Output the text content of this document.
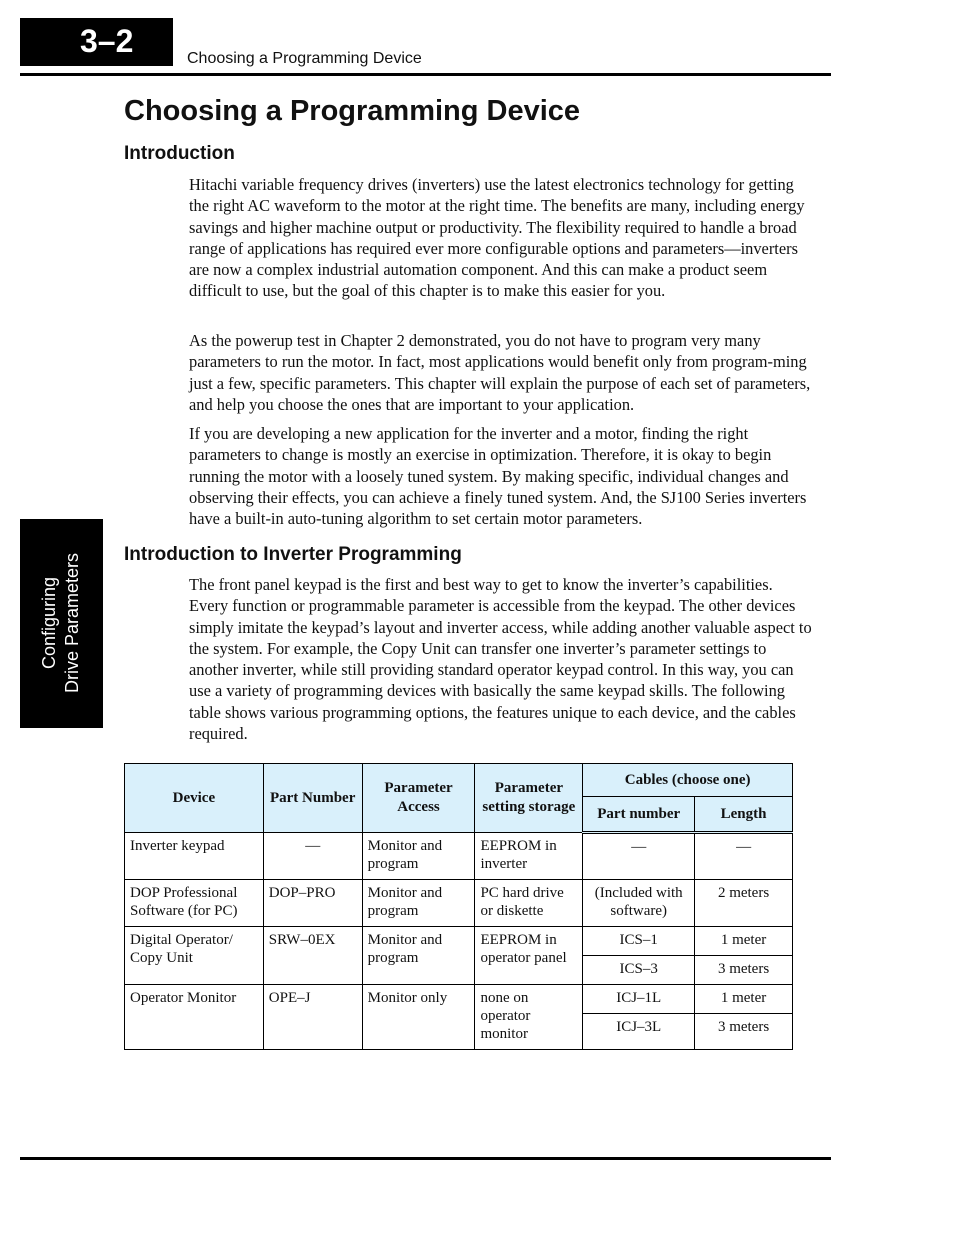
3–2	Choosing a Programming Device
Configuring Drive Parameters
Choosing a Programming Device
Introduction

Hitachi variable frequency drives (inverters) use the latest electronics technology for getting the right AC waveform to the motor at the right time. The benefits are many, including energy savings and higher machine output or productivity. The flexibility required to handle a broad range of applications has required ever more configurable options and parameters—inverters are now a complex industrial automation component. And this can make a product seem difficult to use, but the goal of this chapter is to make this easier for you.

As the powerup test in Chapter 2 demonstrated, you do not have to program very many parameters to run the motor. In fact, most applications would benefit only from program-ming just a few, specific parameters. This chapter will explain the purpose of each set of parameters, and help you choose the ones that are important to your application.

If you are developing a new application for the inverter and a motor, finding the right parameters to change is mostly an exercise in optimization. Therefore, it is okay to begin running the motor with a loosely tuned system. By making specific, individual changes and observing their effects, you can achieve a finely tuned system. And, the SJ100 Series inverters have a built-in auto-tuning algorithm to set certain motor parameters.

Introduction to Inverter Programming

The front panel keypad is the first and best way to get to know the inverter’s capabilities. Every function or programmable parameter is accessible from the keypad. The other devices simply imitate the keypad’s layout and inverter access, while adding another valuable aspect to the system. For example, the Copy Unit can transfer one inverter’s parameter settings to another inverter, while still providing standard operator keypad control. In this way, you can use a variety of programming devices with basically the same keypad skills. The following table shows various programming options, the features unique to each device, and the cables required.

Device	Part Number	Parameter Access	Parameter setting storage	Cables (choose one)	
				Part number	Length
Inverter keypad	—	Monitor and program	EEPROM in inverter	—	—
DOP Professional Software (for PC)	DOP–PRO	Monitor and program	PC hard drive or diskette	(Included with software)	2 meters
Digital Operator/ Copy Unit	SRW–0EX	Monitor and program	EEPROM in operator panel	ICS–1	1 meter
				ICS–3	3 meters
Operator Monitor	OPE–J	Monitor only	none on operator monitor	ICJ–1L	1 meter
				ICJ–3L	3 meters
